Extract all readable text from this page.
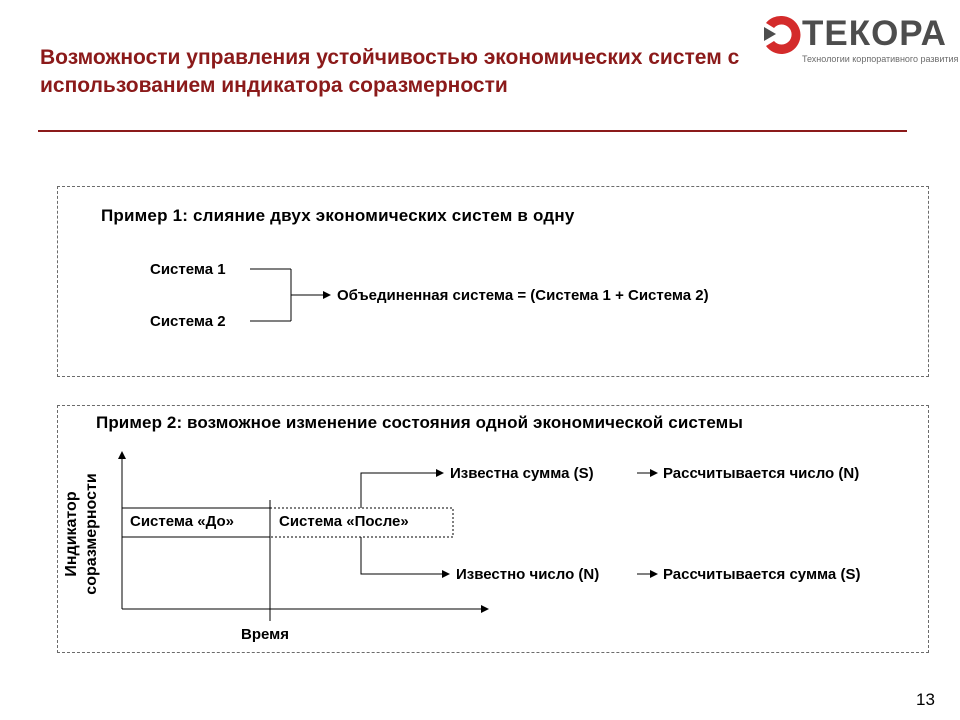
Возможности управления устойчивостью экономических систем с использованием индикатора соразмерности
ТЕКОРА
Технологии корпоративного развития
Пример 1: слияние двух экономических систем в одну
Система 1
Система 2
Объединенная система = (Система 1 + Система 2)
Пример 2: возможное изменение состояния одной экономической системы
Индикатор соразмерности
Время
Система «До»	Система «После»
Известна сумма (S)	Рассчитывается число (N)
Известно число (N)	Рассчитывается сумма (S)
13
